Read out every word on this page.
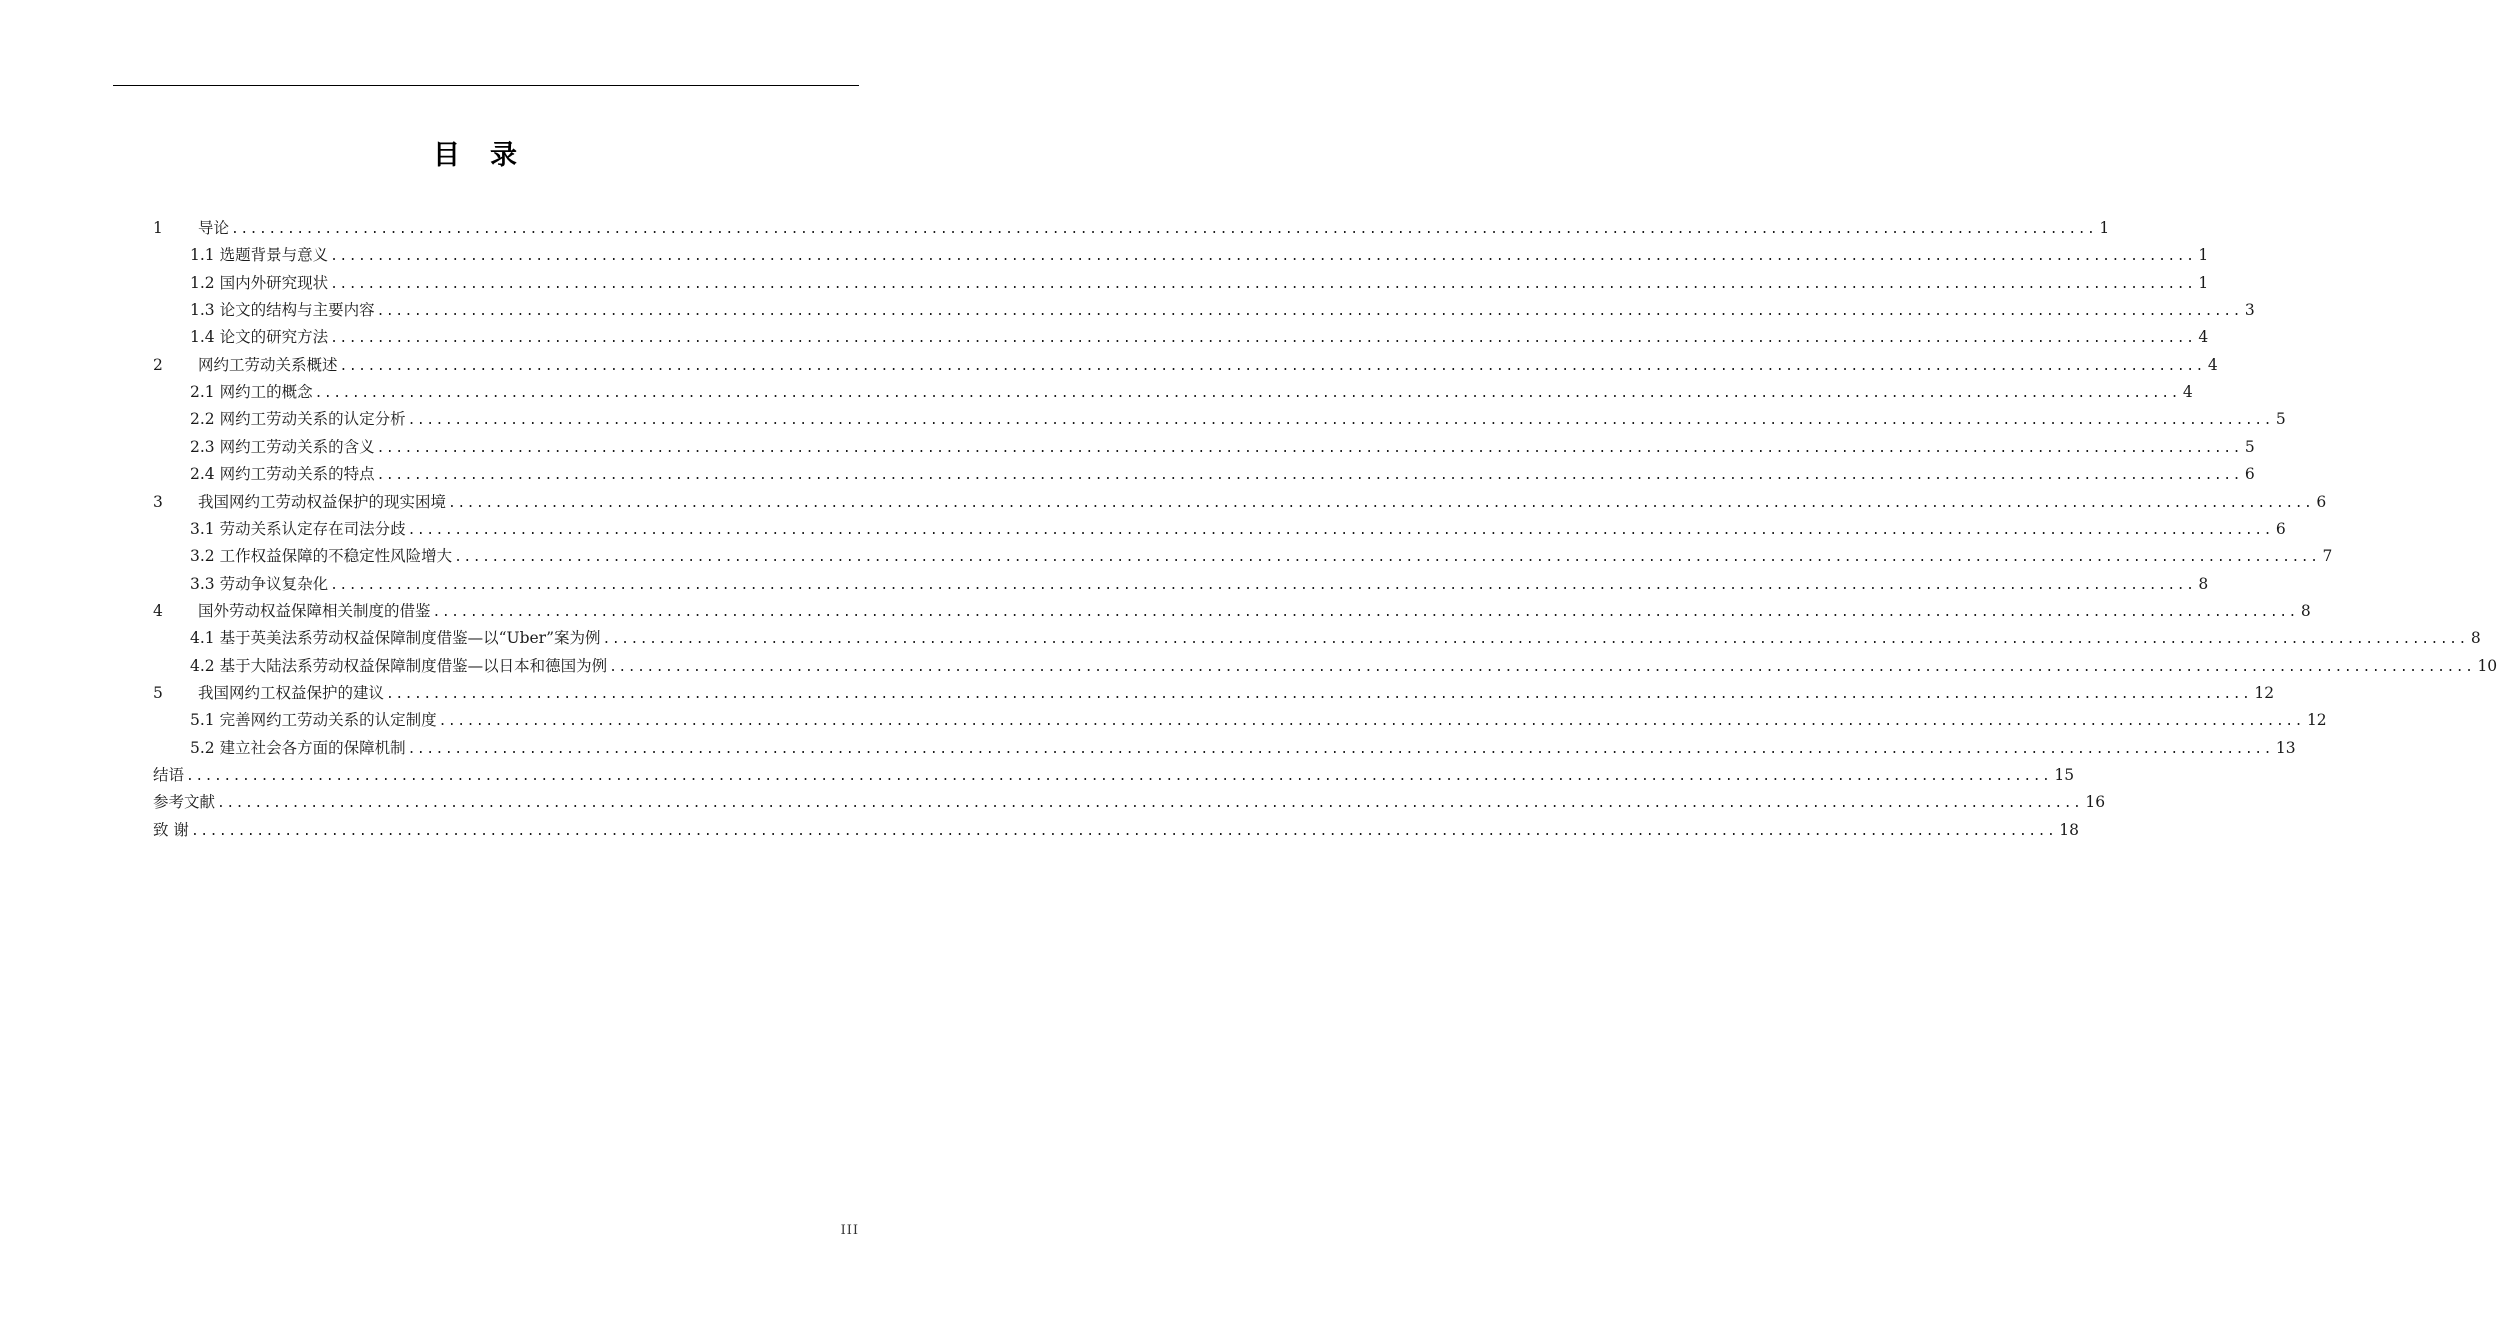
目 录
1	导论 ........................................................................................................................................................................................................ 1
1.1 选题背景与意义 ........................................................................................................................................................................................................ 1
1.2 国内外研究现状 ........................................................................................................................................................................................................ 1
1.3 论文的结构与主要内容 ........................................................................................................................................................................................................ 3
1.4 论文的研究方法 ........................................................................................................................................................................................................ 4
2	网约工劳动关系概述 ........................................................................................................................................................................................................ 4
2.1 网约工的概念 ........................................................................................................................................................................................................ 4
2.2 网约工劳动关系的认定分析 ........................................................................................................................................................................................................ 5
2.3 网约工劳动关系的含义 ........................................................................................................................................................................................................ 5
2.4 网约工劳动关系的特点 ........................................................................................................................................................................................................ 6
3	我国网约工劳动权益保护的现实困境 ........................................................................................................................................................................................................ 6
3.1 劳动关系认定存在司法分歧 ........................................................................................................................................................................................................ 6
3.2 工作权益保障的不稳定性风险增大 ........................................................................................................................................................................................................ 7
3.3 劳动争议复杂化 ........................................................................................................................................................................................................ 8
4	国外劳动权益保障相关制度的借鉴 ........................................................................................................................................................................................................ 8
4.1 基于英美法系劳动权益保障制度借鉴—以“Uber”案为例 ........................................................................................................................................................................................................ 8
4.2 基于大陆法系劳动权益保障制度借鉴—以日本和德国为例 ........................................................................................................................................................................................................ 10
5	我国网约工权益保护的建议 ........................................................................................................................................................................................................ 12
5.1 完善网约工劳动关系的认定制度 ........................................................................................................................................................................................................ 12
5.2 建立社会各方面的保障机制 ........................................................................................................................................................................................................ 13
结语 ........................................................................................................................................................................................................ 15
参考文献 ........................................................................................................................................................................................................ 16
致 谢 ........................................................................................................................................................................................................ 18
III
